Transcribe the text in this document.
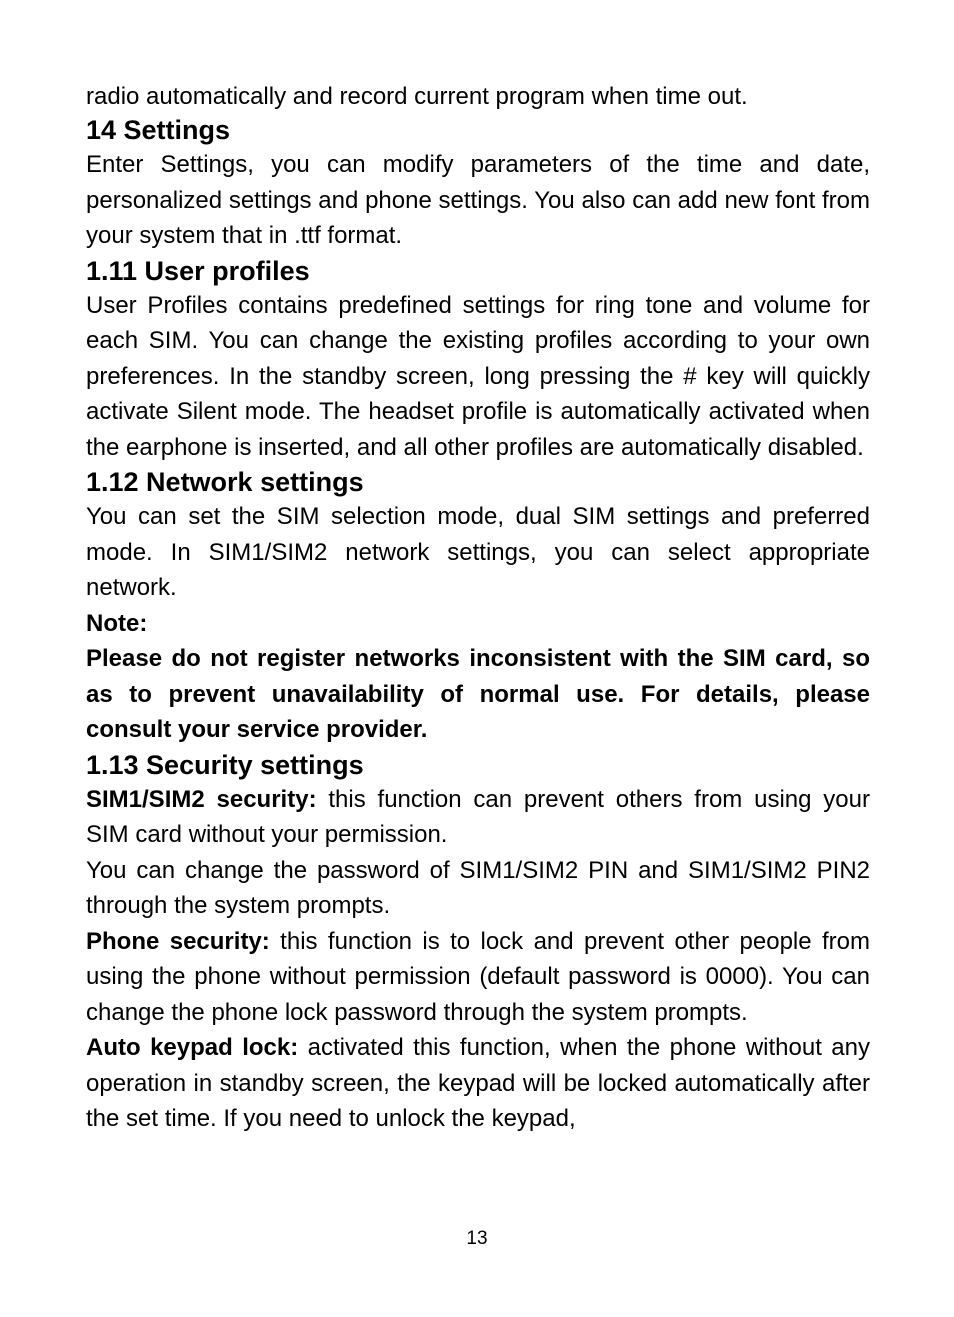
radio automatically and record current program when time out.

14 Settings

Enter Settings, you can modify parameters of the time and date, personalized settings and phone settings. You also can add new font from your system that in .ttf format.

1.11 User profiles

User Profiles contains predefined settings for ring tone and volume for each SIM. You can change the existing profiles according to your own preferences. In the standby screen, long pressing the # key will quickly activate Silent mode. The headset profile is automatically activated when the earphone is inserted, and all other profiles are automatically disabled.

1.12 Network settings

You can set the SIM selection mode, dual SIM settings and preferred mode. In SIM1/SIM2 network settings, you can select appropriate network.

Note:

Please do not register networks inconsistent with the SIM card, so as to prevent unavailability of normal use. For details, please consult your service provider.

1.13 Security settings

SIM1/SIM2 security: this function can prevent others from using your SIM card without your permission.

You can change the password of SIM1/SIM2 PIN and SIM1/SIM2 PIN2 through the system prompts.

Phone security: this function is to lock and prevent other people from using the phone without permission (default password is 0000). You can change the phone lock password through the system prompts.

Auto keypad lock: activated this function, when the phone without any operation in standby screen, the keypad will be locked automatically after the set time. If you need to unlock the keypad,

13
